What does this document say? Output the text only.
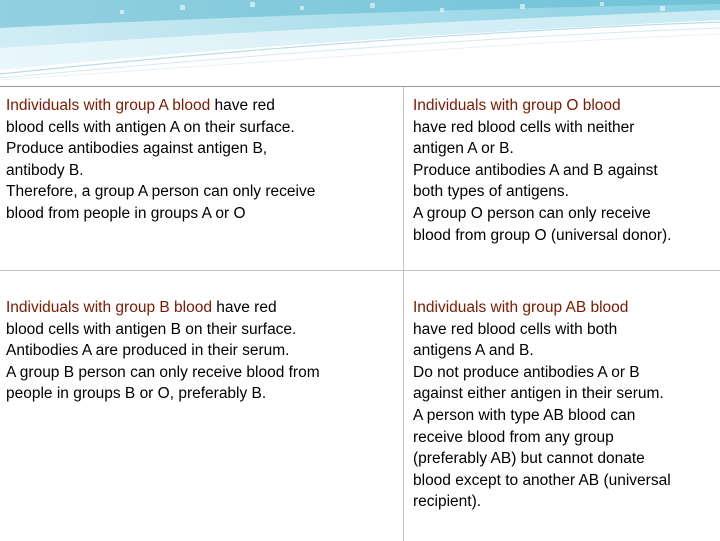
Individuals with group A blood have red

blood cells with antigen A on their surface.

Produce antibodies against antigen B,

antibody B.

Therefore, a group A person can only receive

blood from people in groups A or O

Individuals with group O blood

have red blood cells with neither

antigen A or B.

Produce antibodies A and B against

both types of antigens.

A group O person can only receive

blood from group O (universal donor).

Individuals with group B blood have red

blood cells with antigen B on their surface.

Antibodies A are produced in their serum.

A group B person can only receive blood from

people in groups B or O, preferably B.

Individuals with group AB blood

have red blood cells with both

antigens A and B.

Do not produce antibodies A or B

against either antigen in their serum.

A person with type AB blood can

receive blood from any group

(preferably AB) but cannot donate

blood except to another AB (universal

recipient).
